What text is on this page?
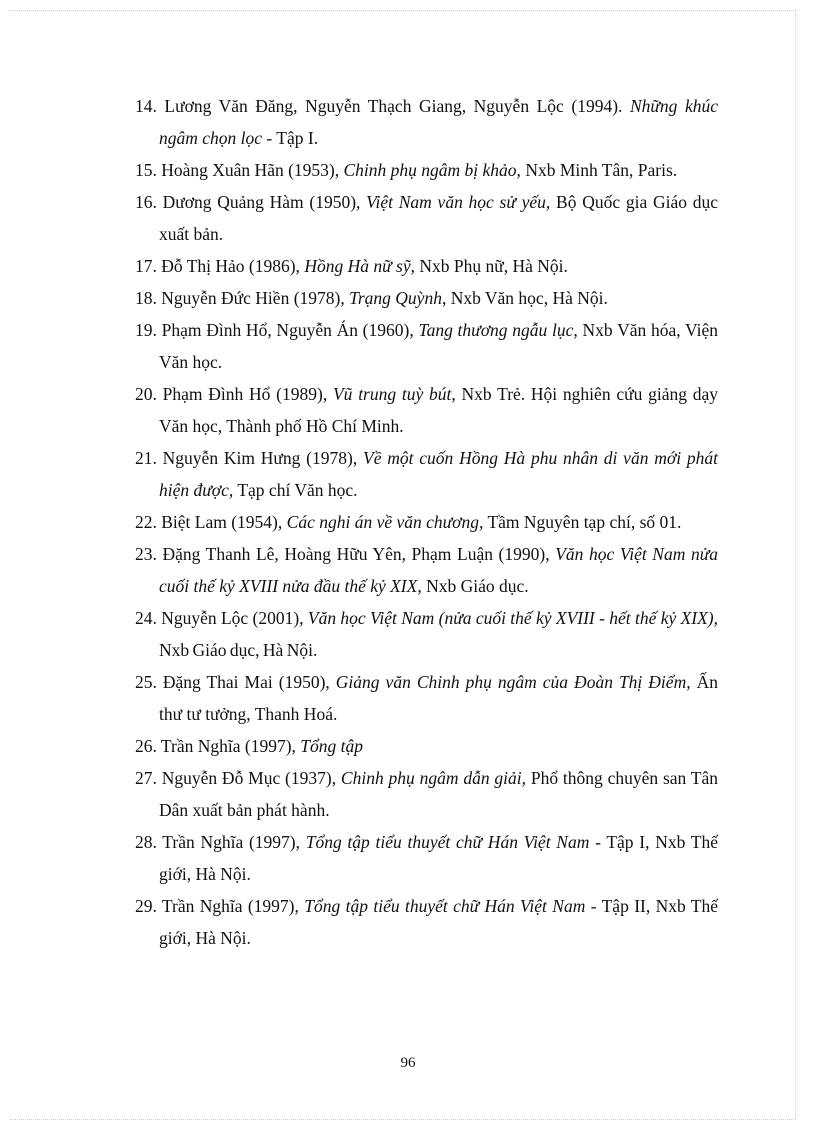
14. Lương Văn Đăng, Nguyễn Thạch Giang, Nguyễn Lộc (1994). Những khúc ngâm chọn lọc - Tập I.

15. Hoàng Xuân Hãn (1953), Chinh phụ ngâm bị khảo, Nxb Minh Tân, Paris.

16. Dương Quảng Hàm (1950), Việt Nam văn học sử yếu, Bộ Quốc gia Giáo dục xuất bản.

17. Đỗ Thị Hảo (1986), Hồng Hà nữ sỹ, Nxb Phụ nữ, Hà Nội.

18. Nguyễn Đức Hiền (1978), Trạng Quỳnh, Nxb Văn học, Hà Nội.

19. Phạm Đình Hổ, Nguyễn Án (1960), Tang thương ngẫu lục, Nxb Văn hóa, Viện Văn học.

20. Phạm Đình Hổ (1989), Vũ trung tuỳ bút, Nxb Trẻ. Hội nghiên cứu giảng dạy Văn học, Thành phố Hồ Chí Minh.

21. Nguyễn Kim Hưng (1978), Về một cuốn Hồng Hà phu nhân di văn mới phát hiện được, Tạp chí Văn học.

22. Biệt Lam (1954), Các nghi án về văn chương, Tầm Nguyên tạp chí, số 01.

23. Đặng Thanh Lê, Hoàng Hữu Yên, Phạm Luận (1990), Văn học Việt Nam nửa cuối thế kỷ XVIII nửa đầu thế kỷ XIX, Nxb Giáo dục.

24. Nguyễn Lộc (2001), Văn học Việt Nam (nửa cuối thế kỷ XVIII - hết thế kỷ XIX), Nxb Giáo dục, Hà Nội.

25. Đặng Thai Mai (1950), Giảng văn Chinh phụ ngâm của Đoàn Thị Điểm, Ấn thư tư tưởng, Thanh Hoá.

26. Trần Nghĩa (1997), Tổng tập

27. Nguyễn Đỗ Mục (1937), Chinh phụ ngâm dẫn giải, Phổ thông chuyên san Tân Dân xuất bản phát hành.

28. Trần Nghĩa (1997), Tổng tập tiểu thuyết chữ Hán Việt Nam - Tập I, Nxb Thế giới, Hà Nội.

29. Trần Nghĩa (1997), Tổng tập tiểu thuyết chữ Hán Việt Nam - Tập II, Nxb Thế giới, Hà Nội.

96
